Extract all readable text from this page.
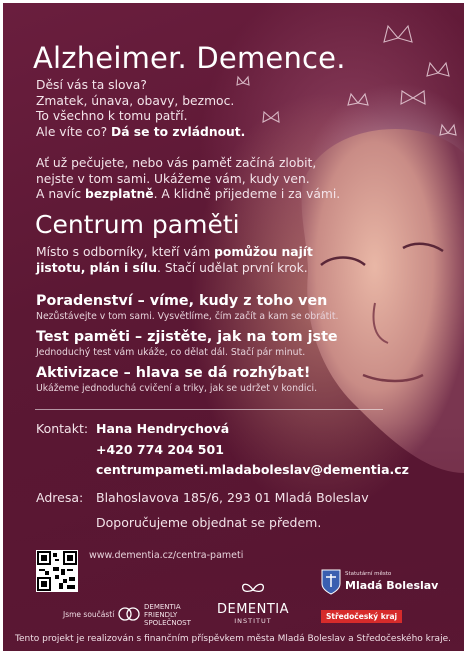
Alzheimer. Demence.
Děsí vás ta slova?
Zmatek, únava, obavy, bezmoc.
To všechno k tomu patří.
Ale víte co? Dá se to zvládnout.
Ať už pečujete, nebo vás paměť začíná zlobit,
nejste v tom sami. Ukážeme vám, kudy ven.
A navíc bezplatně. A klidně přijedeme i za vámi.
Centrum paměti
Místo s odborníky, kteří vám pomůžou najít
jistotu, plán i sílu. Stačí udělat první krok.
Poradenství – víme, kudy z toho ven
Nezůstávejte v tom sami. Vysvětlíme, čím začít a kam se obrátit.
Test paměti – zjistěte, jak na tom jste
Jednoduchý test vám ukáže, co dělat dál. Stačí pár minut.
Aktivizace – hlava se dá rozhýbat!
Ukážeme jednoduchá cvičení a triky, jak se udržet v kondici.
Kontakt: Hana Hendrychová
+420 774 204 501
centrumpameti.mladaboleslav@dementia.cz
Adresa: Blahoslavova 185/6, 293 01 Mladá Boleslav
Doporučujeme objednat se předem.
www.dementia.cz/centra-pameti
Jsme součástí
DEMENTIA
FRIENDLY
SPOLEČNOST
DEMENTIA
INSTITUT
Statutární město
Mladá Boleslav
Středočeský kraj
Tento projekt je realizován s finančním příspěvkem města Mladá Boleslav a Středočeského kraje.
